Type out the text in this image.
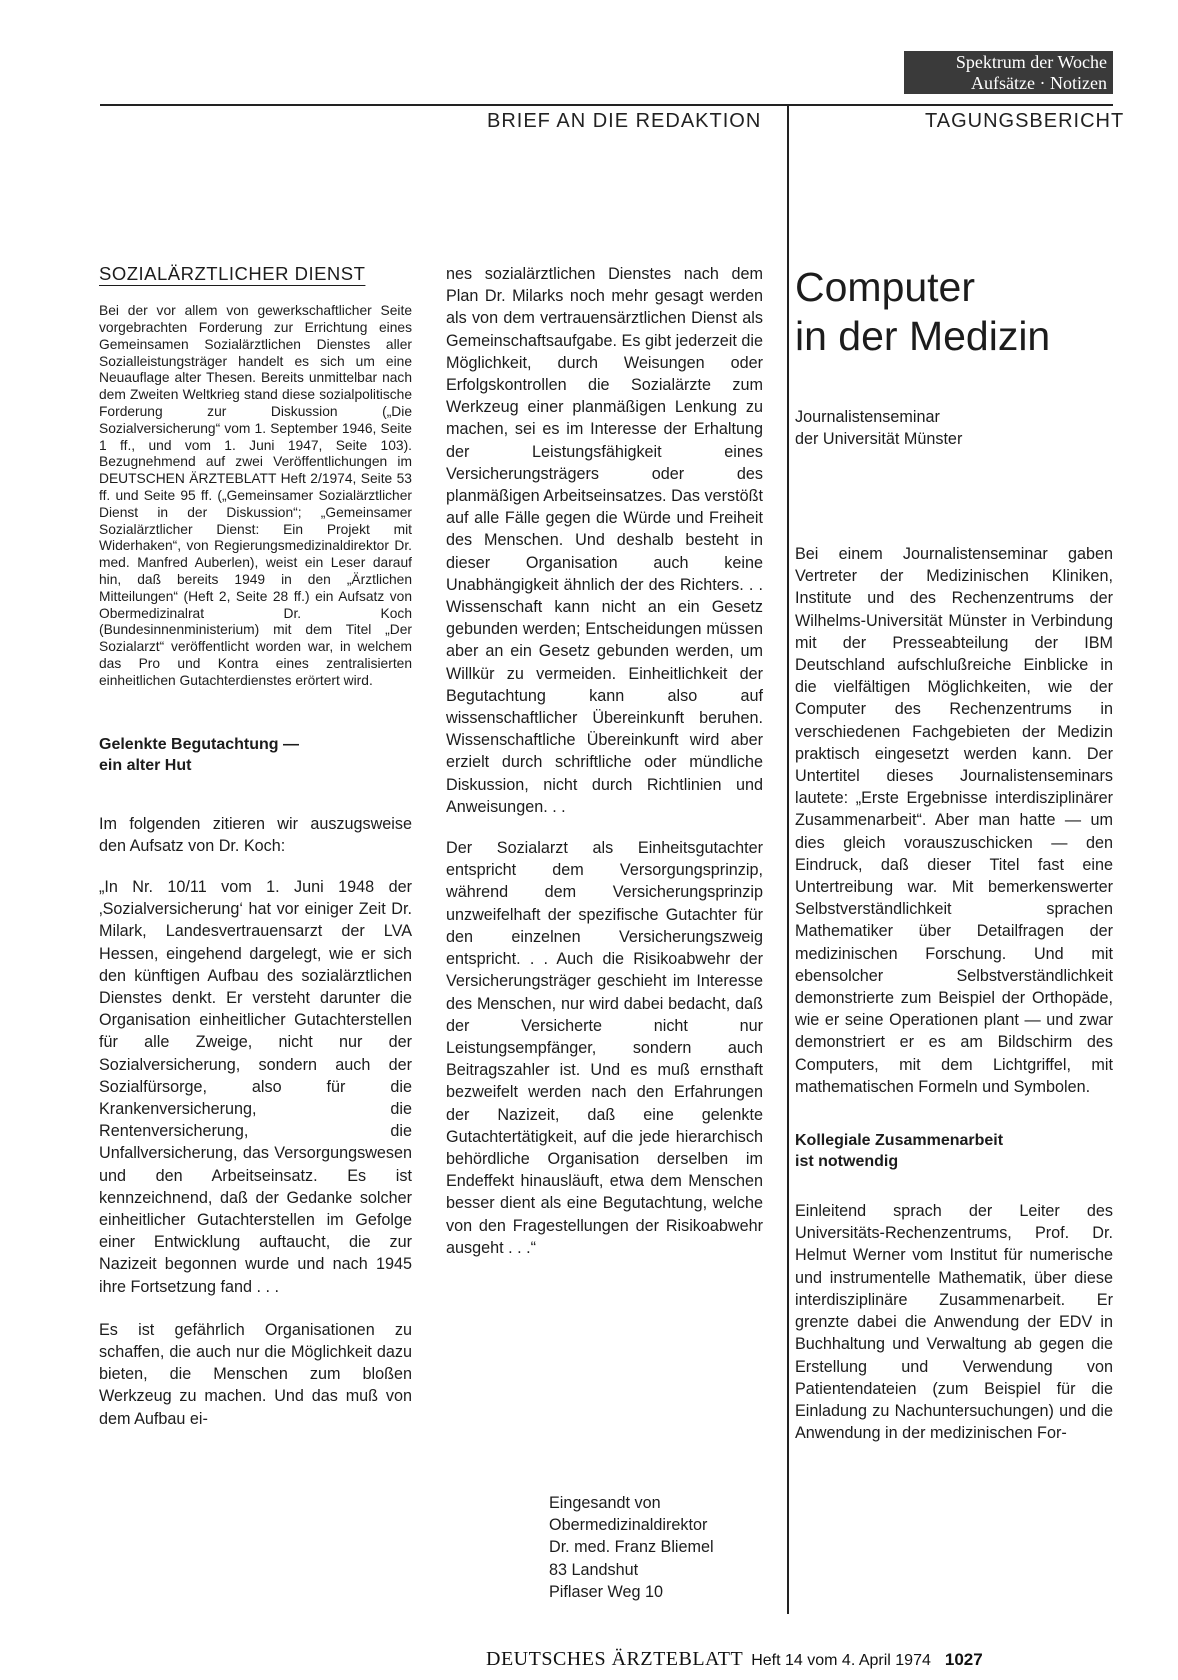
Spektrum der Woche
Aufsätze · Notizen
BRIEF AN DIE REDAKTION	TAGUNGSBERICHT

SOZIALÄRZTLICHER DIENST

Bei der vor allem von gewerkschaftlicher Seite vorgebrachten Forderung zur Errichtung eines Gemeinsamen Sozialärztlichen Dienstes aller Sozialleistungsträger handelt es sich um eine Neuauflage alter Thesen. Bereits unmittelbar nach dem Zweiten Weltkrieg stand diese sozialpolitische Forderung zur Diskussion („Die Sozialversicherung“ vom 1. September 1946, Seite 1 ff., und vom 1. Juni 1947, Seite 103). Bezugnehmend auf zwei Veröffentlichungen im DEUTSCHEN ÄRZTEBLATT Heft 2/1974, Seite 53 ff. und Seite 95 ff. („Gemeinsamer Sozialärztlicher Dienst in der Diskussion“; „Gemeinsamer Sozialärztlicher Dienst: Ein Projekt mit Widerhaken“, von Regierungsmedizinaldirektor Dr. med. Manfred Auberlen), weist ein Leser darauf hin, daß bereits 1949 in den „Ärztlichen Mitteilungen“ (Heft 2, Seite 28 ff.) ein Aufsatz von Obermedizinalrat Dr. Koch (Bundesinnenministerium) mit dem Titel „Der Sozialarzt“ veröffentlicht worden war, in welchem das Pro und Kontra eines zentralisierten einheitlichen Gutachterdienstes erörtert wird.

Gelenkte Begutachtung —
ein alter Hut

Im folgenden zitieren wir auszugsweise den Aufsatz von Dr. Koch:

„In Nr. 10/11 vom 1. Juni 1948 der ‚Sozialversicherung‘ hat vor einiger Zeit Dr. Milark, Landesvertrauensarzt der LVA Hessen, eingehend dargelegt, wie er sich den künftigen Aufbau des sozialärztlichen Dienstes denkt. Er versteht darunter die Organisation einheitlicher Gutachterstellen für alle Zweige, nicht nur der Sozialversicherung, sondern auch der Sozialfürsorge, also für die Krankenversicherung, die Rentenversicherung, die Unfallversicherung, das Versorgungswesen und den Arbeitseinsatz. Es ist kennzeichnend, daß der Gedanke solcher einheitlicher Gutachterstellen im Gefolge einer Entwicklung auftaucht, die zur Nazizeit begonnen wurde und nach 1945 ihre Fortsetzung fand . . .

Es ist gefährlich Organisationen zu schaffen, die auch nur die Möglichkeit dazu bieten, die Menschen zum bloßen Werkzeug zu machen. Und das muß von dem Aufbau ei-

nes sozialärztlichen Dienstes nach dem Plan Dr. Milarks noch mehr gesagt werden als von dem vertrauensärztlichen Dienst als Gemeinschaftsaufgabe. Es gibt jederzeit die Möglichkeit, durch Weisungen oder Erfolgskontrollen die Sozialärzte zum Werkzeug einer planmäßigen Lenkung zu machen, sei es im Interesse der Erhaltung der Leistungsfähigkeit eines Versicherungsträgers oder des planmäßigen Arbeitseinsatzes. Das verstößt auf alle Fälle gegen die Würde und Freiheit des Menschen. Und deshalb besteht in dieser Organisation auch keine Unabhängigkeit ähnlich der des Richters. . . Wissenschaft kann nicht an ein Gesetz gebunden werden; Entscheidungen müssen aber an ein Gesetz gebunden werden, um Willkür zu vermeiden. Einheitlichkeit der Begutachtung kann also auf wissenschaftlicher Übereinkunft beruhen. Wissenschaftliche Übereinkunft wird aber erzielt durch schriftliche oder mündliche Diskussion, nicht durch Richtlinien und Anweisungen. . .

Der Sozialarzt als Einheitsgutachter entspricht dem Versorgungsprinzip, während dem Versicherungsprinzip unzweifelhaft der spezifische Gutachter für den einzelnen Versicherungszweig entspricht. . . Auch die Risikoabwehr der Versicherungsträger geschieht im Interesse des Menschen, nur wird dabei bedacht, daß der Versicherte nicht nur Leistungsempfänger, sondern auch Beitragszahler ist. Und es muß ernsthaft bezweifelt werden nach den Erfahrungen der Nazizeit, daß eine gelenkte Gutachtertätigkeit, auf die jede hierarchisch behördliche Organisation derselben im Endeffekt hinausläuft, etwa dem Menschen besser dient als eine Begutachtung, welche von den Fragestellungen der Risikoabwehr ausgeht . . .“

Eingesandt von
Obermedizinaldirektor
Dr. med. Franz Bliemel
83 Landshut
Piflaser Weg 10

Computer
in der Medizin

Journalistenseminar
der Universität Münster

Bei einem Journalistenseminar gaben Vertreter der Medizinischen Kliniken, Institute und des Rechenzentrums der Wilhelms-Universität Münster in Verbindung mit der Presseabteilung der IBM Deutschland aufschlußreiche Einblicke in die vielfältigen Möglichkeiten, wie der Computer des Rechenzentrums in verschiedenen Fachgebieten der Medizin praktisch eingesetzt werden kann. Der Untertitel dieses Journalistenseminars lautete: „Erste Ergebnisse interdisziplinärer Zusammenarbeit“. Aber man hatte — um dies gleich vorauszuschicken — den Eindruck, daß dieser Titel fast eine Untertreibung war. Mit bemerkenswerter Selbstverständlichkeit sprachen Mathematiker über Detailfragen der medizinischen Forschung. Und mit ebensolcher Selbstverständlichkeit demonstrierte zum Beispiel der Orthopäde, wie er seine Operationen plant — und zwar demonstriert er es am Bildschirm des Computers, mit dem Lichtgriffel, mit mathematischen Formeln und Symbolen.

Kollegiale Zusammenarbeit
ist notwendig

Einleitend sprach der Leiter des Universitäts-Rechenzentrums, Prof. Dr. Helmut Werner vom Institut für numerische und instrumentelle Mathematik, über diese interdisziplinäre Zusammenarbeit. Er grenzte dabei die Anwendung der EDV in Buchhaltung und Verwaltung ab gegen die Erstellung und Verwendung von Patientendateien (zum Beispiel für die Einladung zu Nachuntersuchungen) und die Anwendung in der medizinischen For-

DEUTSCHES ÄRZTEBLATT Heft 14 vom 4. April 1974 1027
